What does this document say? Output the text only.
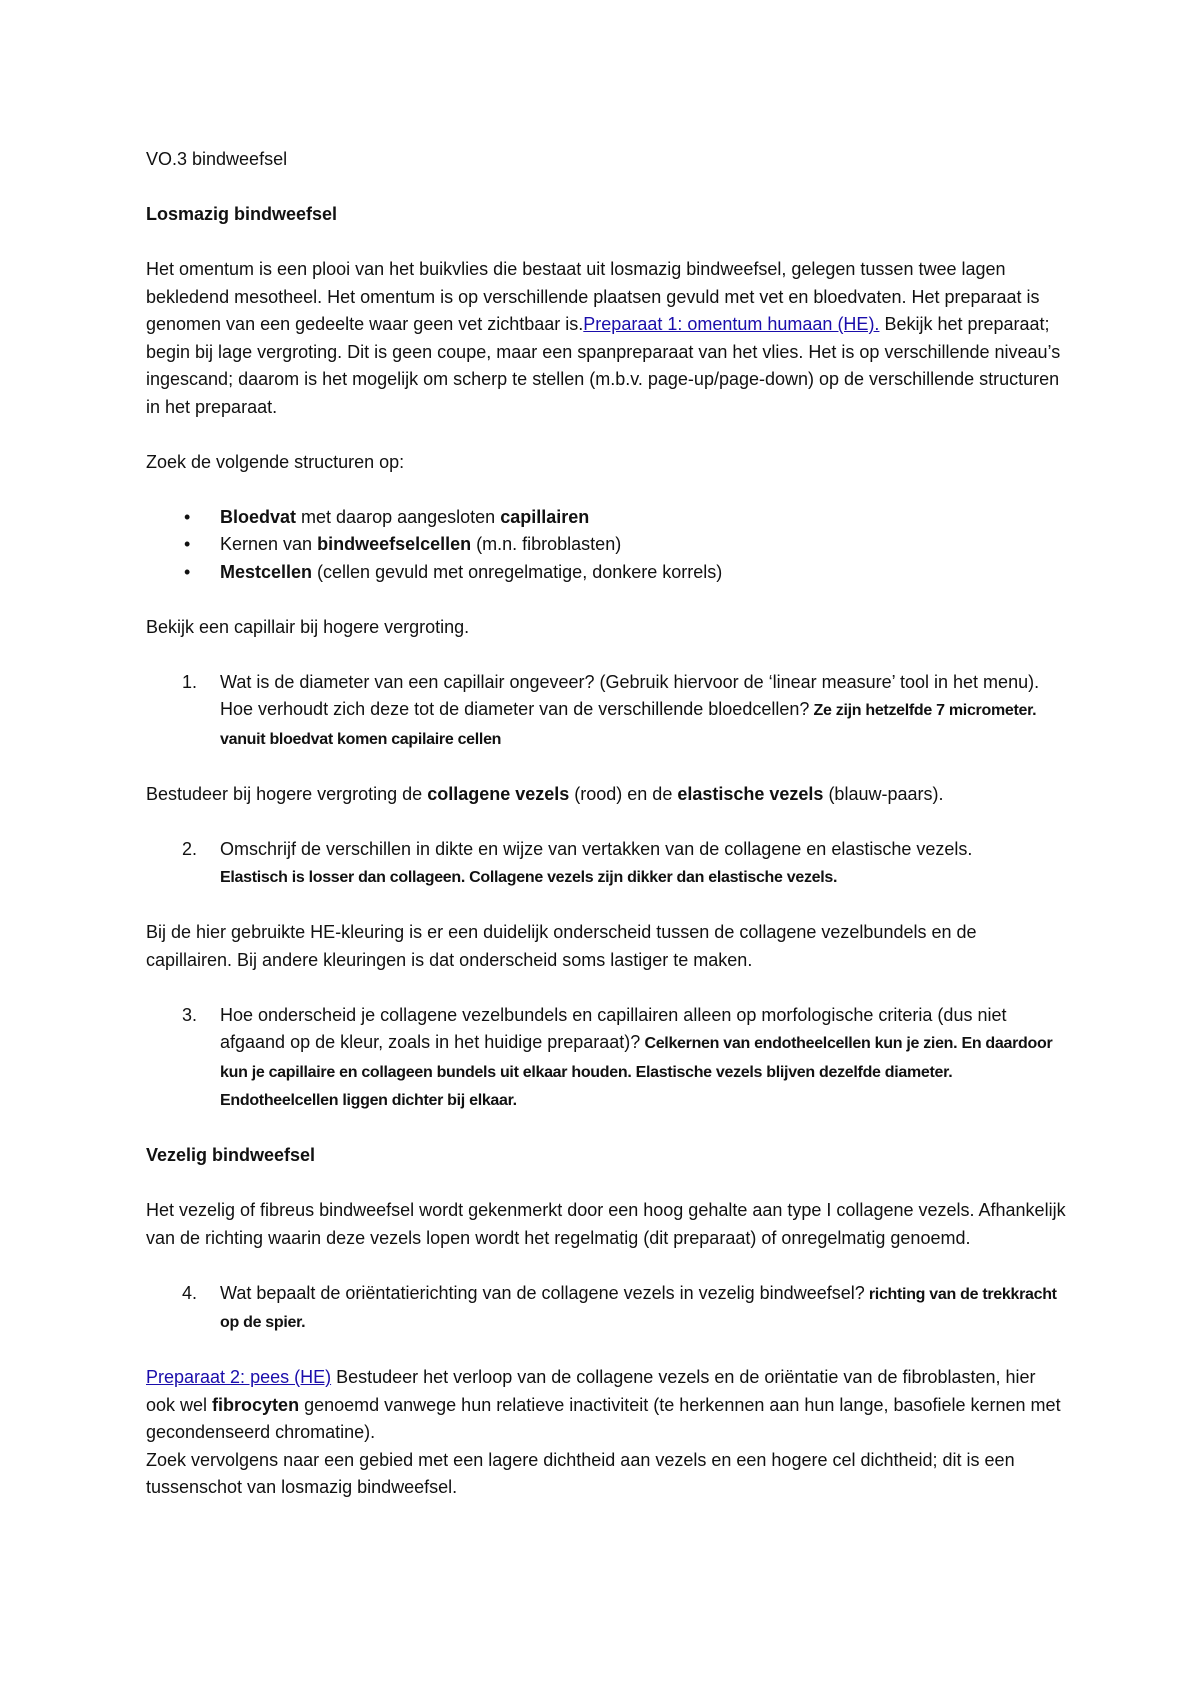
VO.3 bindweefsel

Losmazig bindweefsel

Het omentum is een plooi van het buikvlies die bestaat uit losmazig bindweefsel, gelegen tussen twee lagen bekledend mesotheel. Het omentum is op verschillende plaatsen gevuld met vet en bloedvaten. Het preparaat is genomen van een gedeelte waar geen vet zichtbaar is.Preparaat 1: omentum humaan (HE). Bekijk het preparaat; begin bij lage vergroting. Dit is geen coupe, maar een spanpreparaat van het vlies. Het is op verschillende niveau’s ingescand; daarom is het mogelijk om scherp te stellen (m.b.v. page-up/page-down) op de verschillende structuren in het preparaat.

Zoek de volgende structuren op:

• Bloedvat met daarop aangesloten capillairen
• Kernen van bindweefselcellen (m.n. fibroblasten)
• Mestcellen (cellen gevuld met onregelmatige, donkere korrels)

Bekijk een capillair bij hogere vergroting.

1. Wat is de diameter van een capillair ongeveer? (Gebruik hiervoor de ‘linear measure’ tool in het menu). Hoe verhoudt zich deze tot de diameter van de verschillende bloedcellen? Ze zijn hetzelfde 7 micrometer. vanuit bloedvat komen capilaire cellen

Bestudeer bij hogere vergroting de collagene vezels (rood) en de elastische vezels (blauw-paars).

2. Omschrijf de verschillen in dikte en wijze van vertakken van de collagene en elastische vezels.
Elastisch is losser dan collageen. Collagene vezels zijn dikker dan elastische vezels.

Bij de hier gebruikte HE-kleuring is er een duidelijk onderscheid tussen de collagene vezelbundels en de capillairen. Bij andere kleuringen is dat onderscheid soms lastiger te maken.

3. Hoe onderscheid je collagene vezelbundels en capillairen alleen op morfologische criteria (dus niet afgaand op de kleur, zoals in het huidige preparaat)? Celkernen van endotheelcellen kun je zien. En daardoor kun je capillaire en collageen bundels uit elkaar houden. Elastische vezels blijven dezelfde diameter. Endotheelcellen liggen dichter bij elkaar.

Vezelig bindweefsel

Het vezelig of fibreus bindweefsel wordt gekenmerkt door een hoog gehalte aan type I collagene vezels. Afhankelijk van de richting waarin deze vezels lopen wordt het regelmatig (dit preparaat) of onregelmatig genoemd.

4. Wat bepaalt de oriëntatierichting van de collagene vezels in vezelig bindweefsel? richting van de trekkracht op de spier.

Preparaat 2: pees (HE) Bestudeer het verloop van de collagene vezels en de oriëntatie van de fibroblasten, hier ook wel fibrocyten genoemd vanwege hun relatieve inactiviteit (te herkennen aan hun lange, basofiele kernen met gecondenseerd chromatine).

Zoek vervolgens naar een gebied met een lagere dichtheid aan vezels en een hogere cel dichtheid; dit is een tussenschot van losmazig bindweefsel.
